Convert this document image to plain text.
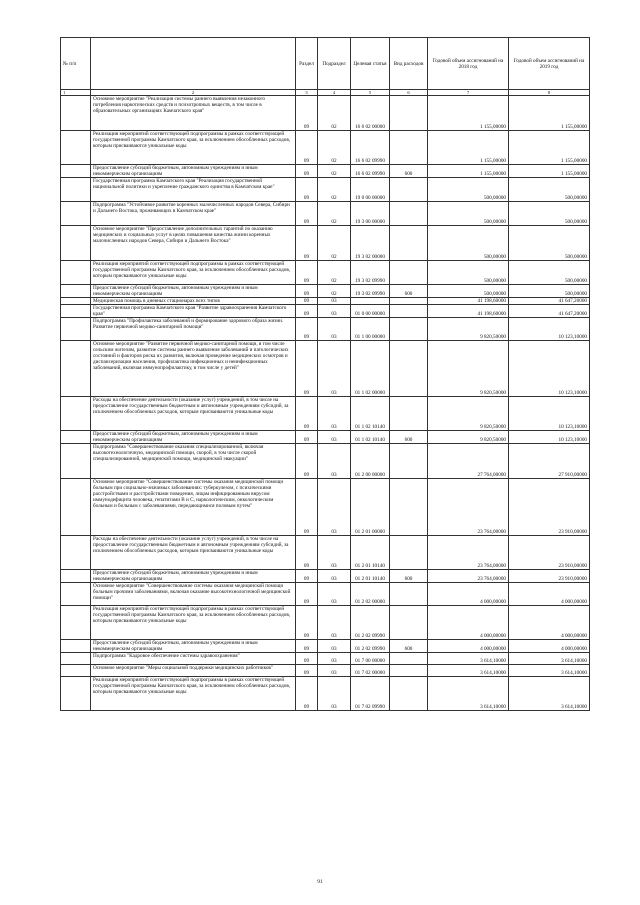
№ п/п		Раздел	Подраздел	Целевая статья	Вид расходов	Годовой объем ассигнований на 2018 год	Годовой объем ассигнований на 2019 год
1	2	3	4	5	6	7	8
	Основное мероприятие "Реализация системы раннего выявления незаконного потребления наркотических средств и психотропных веществ, в том числе в образовательных организациях Камчатского края"	09	02	16 6 02 00000		1 155,00000	1 155,00000
	Реализация мероприятий соответствующей подпрограммы в рамках соответствующей государственной программы Камчатского края, за исключением обособленных расходов, которым присваиваются уникальные коды	09	02	16 6 02 09990		1 155,00000	1 155,00000
	Предоставление субсидий бюджетным, автономным учреждениям и иным некоммерческим организациям	09	02	16 6 02 09990	600	1 155,00000	1 155,00000
	Государственная программа Камчатского края "Реализация государственной национальной политики и укрепление гражданского единства в Камчатском крае"	09	02	19 0 00 00000		500,00000	500,00000
	Подпрограмма "Устойчивое развитие коренных малочисленных народов Севера, Сибири и Дальнего Востока, проживающих в Камчатском крае"	09	02	19 3 00 00000		500,00000	500,00000
	Основное мероприятие "Предоставление дополнительных гарантий по оказанию медицинских и социальных услуг в целях повышения качества жизни коренных малочисленных народов Севера, Сибири и Дальнего Востока"	09	02	19 3 02 00000		500,00000	500,00000
	Реализация мероприятий соответствующей подпрограммы в рамках соответствующей государственной программы Камчатского края, за исключением обособленных расходов, которым присваиваются уникальные коды	09	02	19 3 02 09990		500,00000	500,00000
	Предоставление субсидий бюджетным, автономным учреждениям и иным некоммерческим организациям	09	02	19 3 02 09990	600	500,00000	500,00000
	Медицинская помощь в дневных стационарах всех типов	09	03			41 198,60000	41 647,20000
	Государственная программа Камчатского края "Развитие здравоохранения Камчатского края"	09	03	01 0 00 00000		41 198,60000	41 647,20000
	Подпрограмма "Профилактика заболеваний и формирование здорового образа жизни. Развитие первичной медико-санитарной помощи"	09	03	01 1 00 00000		9 820,50000	10 123,10000
	Основное мероприятие "Развитие первичной медико-санитарной помощи, в том числе сельским жителям, развитие системы раннего выявления заболеваний и патологических состояний и факторов риска их развития, включая проведение медицинских осмотров и диспансеризации населения, профилактика инфекционных и неинфекционных заболеваний, включая иммунопрофилактику, в том числе у детей"	09	03	01 1 02 00000		9 820,50000	10 123,10000
	Расходы на обеспечение деятельности (оказание услуг) учреждений, в том числе на предоставление государственным бюджетным и автономным учреждениям субсидий, за исключением обособленных расходов, которым присваиваются уникальные коды	09	03	01 1 02 10140		9 820,50000	10 123,10000
	Предоставление субсидий бюджетным, автономным учреждениям и иным некоммерческим организациям	09	03	01 1 02 10140	600	9 820,50000	10 123,10000
	Подпрограмма "Совершенствование оказания специализированной, включая высокотехнологичную, медицинской помощи, скорой, в том числе скорой специализированной, медицинской помощи, медицинской эвакуации"	09	03	01 2 00 00000		27 764,00000	27 910,00000
	Основное мероприятие "Совершенствование системы оказания медицинской помощи больным при социально-значимых заболеваниях: туберкулезом, с психическими расстройствами и расстройствами поведения, лицам инфицированным вирусом иммунодефицита человека, гепатитами B и C, наркологическим, онкологическим больным и больным с заболеваниями, передающимися половым путем"	09	03	01 2 01 00000		23 764,00000	23 910,00000
	Расходы на обеспечение деятельности (оказание услуг) учреждений, в том числе на предоставление государственным бюджетным и автономным учреждениям субсидий, за исключением обособленных расходов, которым присваиваются уникальные коды	09	03	01 2 01 10140		23 764,00000	23 910,00000
	Предоставление субсидий бюджетным, автономным учреждениям и иным некоммерческим организациям	09	03	01 2 01 10140	600	23 764,00000	23 910,00000
	Основное мероприятие "Совершенствование системы оказания медицинской помощи больным прочими заболеваниями, включая оказание высокотехнологичной медицинской помощи"	09	03	01 2 02 00000		4 000,00000	4 000,00000
	Реализация мероприятий соответствующей подпрограммы в рамках соответствующей государственной программы Камчатского края, за исключением обособленных расходов, которым присваиваются уникальные коды	09	03	01 2 02 09990		4 000,00000	4 000,00000
	Предоставление субсидий бюджетным, автономным учреждениям и иным некоммерческим организациям	09	03	01 2 02 09990	600	4 000,00000	4 000,00000
	Подпрограмма "Кадровое обеспечение системы здравоохранения"	09	03	01 7 00 00000		3 614,10000	3 614,10000
	Основное мероприятие "Меры социальной поддержки медицинских работников"	09	03	01 7 02 00000		3 614,10000	3 614,10000
	Реализация мероприятий соответствующей подпрограммы в рамках соответствующей государственной программы Камчатского края, за исключением обособленных расходов, которым присваиваются уникальные коды	09	03	01 7 02 09990		3 614,10000	3 614,10000
91
